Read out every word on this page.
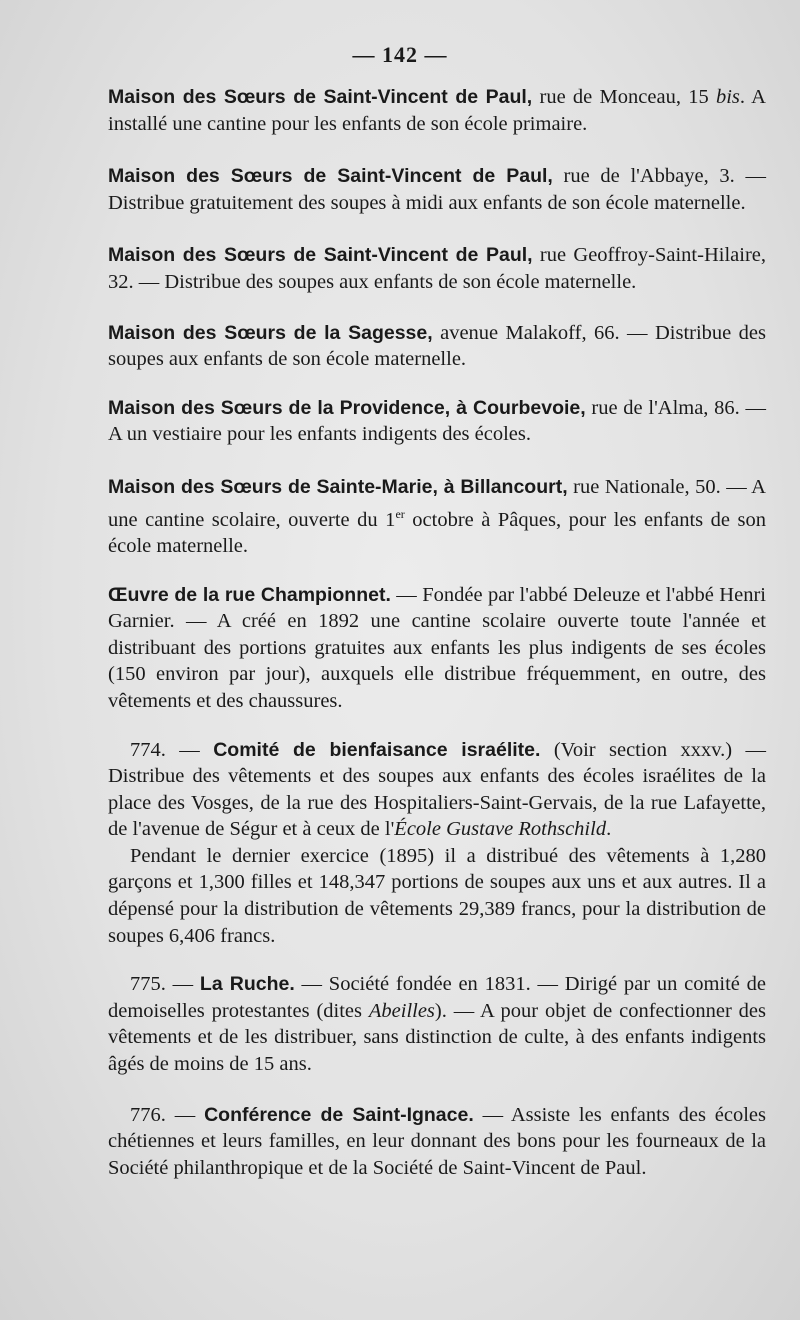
— 142 —

Maison des Sœurs de Saint-Vincent de Paul, rue de Monceau, 15 bis. A installé une cantine pour les enfants de son école primaire.

Maison des Sœurs de Saint-Vincent de Paul, rue de l'Abbaye, 3. — Distribue gratuitement des soupes à midi aux enfants de son école maternelle.

Maison des Sœurs de Saint-Vincent de Paul, rue Geoffroy-Saint-Hilaire, 32. — Distribue des soupes aux enfants de son école maternelle.

Maison des Sœurs de la Sagesse, avenue Malakoff, 66. — Distribue des soupes aux enfants de son école maternelle.

Maison des Sœurs de la Providence, à Courbevoie, rue de l'Alma, 86. — A un vestiaire pour les enfants indigents des écoles.

Maison des Sœurs de Sainte-Marie, à Billancourt, rue Nationale, 50. — A une cantine scolaire, ouverte du 1er octobre à Pâques, pour les enfants de son école maternelle.

Œuvre de la rue Championnet. — Fondée par l'abbé Deleuze et l'abbé Henri Garnier. — A créé en 1892 une cantine scolaire ouverte toute l'année et distribuant des portions gratuites aux enfants les plus indigents de ses écoles (150 environ par jour), auxquels elle distribue fréquemment, en outre, des vêtements et des chaussures.

774. — Comité de bienfaisance israélite. (Voir section xxxv.) — Distribue des vêtements et des soupes aux enfants des écoles israélites de la place des Vosges, de la rue des Hospitaliers-Saint-Gervais, de la rue Lafayette, de l'avenue de Ségur et à ceux de l'École Gustave Rothschild.

Pendant le dernier exercice (1895) il a distribué des vêtements à 1,280 garçons et 1,300 filles et 148,347 portions de soupes aux uns et aux autres. Il a dépensé pour la distribution de vêtements 29,389 francs, pour la distribution de soupes 6,406 francs.

775. — La Ruche. — Société fondée en 1831. — Dirigé par un comité de demoiselles protestantes (dites Abeilles). — A pour objet de confectionner des vêtements et de les distribuer, sans distinction de culte, à des enfants indigents âgés de moins de 15 ans.

776. — Conférence de Saint-Ignace. — Assiste les enfants des écoles chétiennes et leurs familles, en leur donnant des bons pour les fourneaux de la Société philanthropique et de la Société de Saint-Vincent de Paul.
